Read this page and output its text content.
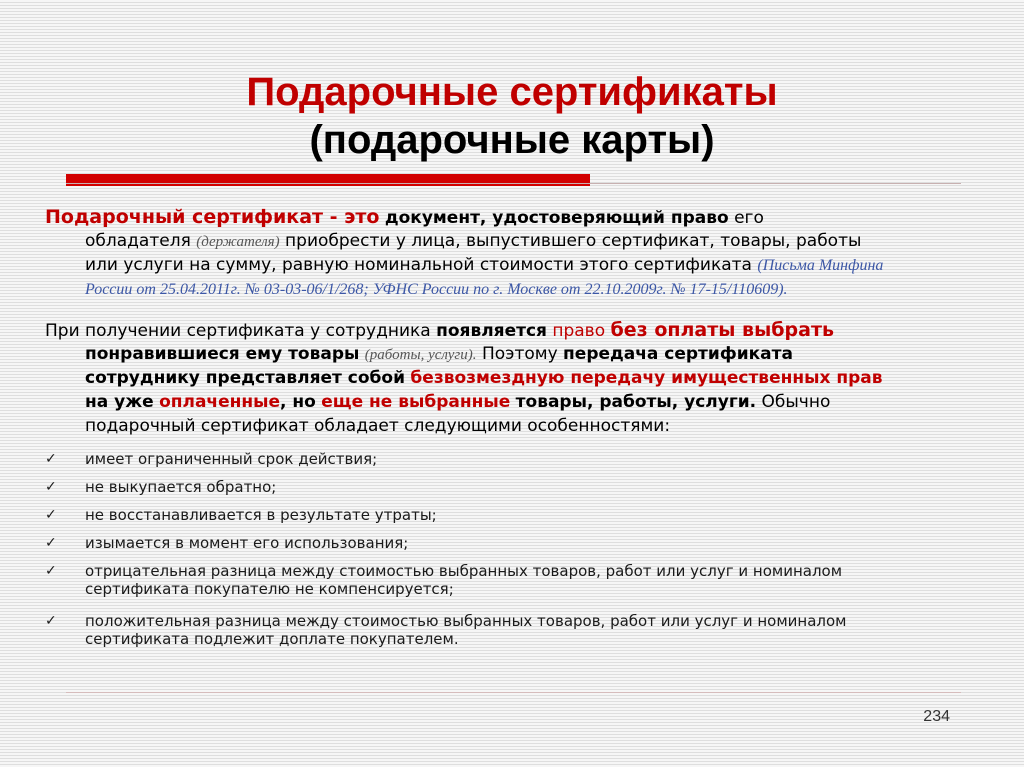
Подарочные сертификаты
(подарочные карты)
Подарочный сертификат - это документ, удостоверяющий право его
обладателя (держателя) приобрести у лица, выпустившего сертификат, товары, работы
или услуги на сумму, равную номинальной стоимости этого сертификата (Письма Минфина
России от 25.04.2011г. № 03-03-06/1/268; УФНС России по г. Москве от 22.10.2009г. № 17-15/110609).
При получении сертификата у сотрудника появляется право без оплаты выбрать
понравившиеся ему товары (работы, услуги). Поэтому передача сертификата
сотруднику представляет собой безвозмездную передачу имущественных прав
на уже оплаченные, но еще не выбранные товары, работы, услуги. Обычно
подарочный сертификат обладает следующими особенностями:
✓ имеет ограниченный срок действия;
✓ не выкупается обратно;
✓ не восстанавливается в результате утраты;
✓ изымается в момент его использования;
✓ отрицательная разница между стоимостью выбранных товаров, работ или услуг и номиналом
сертификата покупателю не компенсируется;
✓ положительная разница между стоимостью выбранных товаров, работ или услуг и номиналом
сертификата подлежит доплате покупателем.
234
